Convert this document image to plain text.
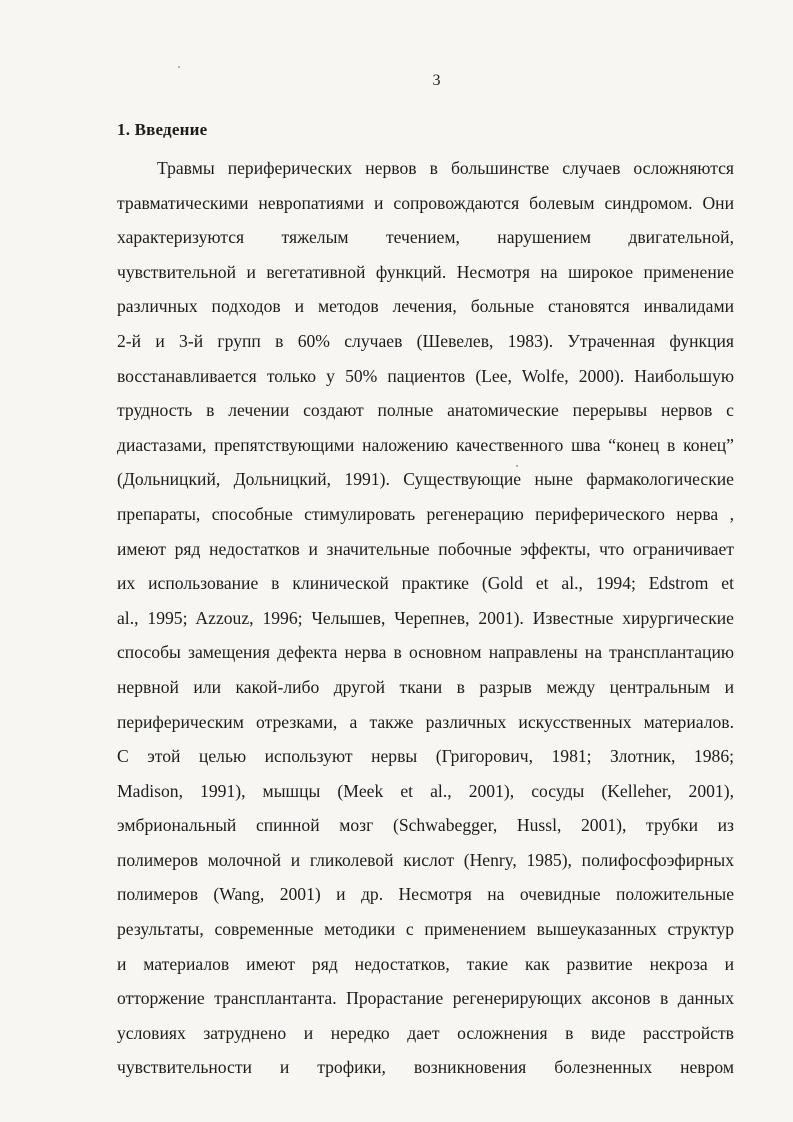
3
1. Введение
Травмы периферических нервов в большинстве случаев осложняются
травматическими невропатиями и сопровождаются болевым синдромом. Они
характеризуются тяжелым течением, нарушением двигательной,
чувствительной и вегетативной функций. Несмотря на широкое применение
различных подходов и методов лечения, больные становятся инвалидами
2-й и 3-й групп в 60% случаев (Шевелев, 1983). Утраченная функция
восстанавливается только у 50% пациентов (Lee, Wolfe, 2000). Наибольшую
трудность в лечении создают полные анатомические перерывы нервов с
диастазами, препятствующими наложению качественного шва “конец в конец”
(Дольницкий, Дольницкий, 1991). Существующие ныне фармакологические
препараты, способные стимулировать регенерацию периферического нерва ,
имеют ряд недостатков и значительные побочные эффекты, что ограничивает
их использование в клинической практике (Gold et al., 1994; Edstrom et
al., 1995; Azzouz, 1996; Челышев, Черепнев, 2001). Известные хирургические
способы замещения дефекта нерва в основном направлены на трансплантацию
нервной или какой-либо другой ткани в разрыв между центральным и
периферическим отрезками, а также различных искусственных материалов.
С этой целью используют нервы (Григорович, 1981; Злотник, 1986;
Madison, 1991), мышцы (Meek et al., 2001), сосуды (Kelleher, 2001),
эмбриональный спинной мозг (Schwabegger, Hussl, 2001), трубки из
полимеров молочной и гликолевой кислот (Henry, 1985), полифосфоэфирных
полимеров (Wang, 2001) и др. Несмотря на очевидные положительные
результаты, современные методики с применением вышеуказанных структур
и материалов имеют ряд недостатков, такие как развитие некроза и
отторжение трансплантанта. Прорастание регенерирующих аксонов в данных
условиях затруднено и нередко дает осложнения в виде расстройств
чувствительности и трофики, возникновения болезненных невром
